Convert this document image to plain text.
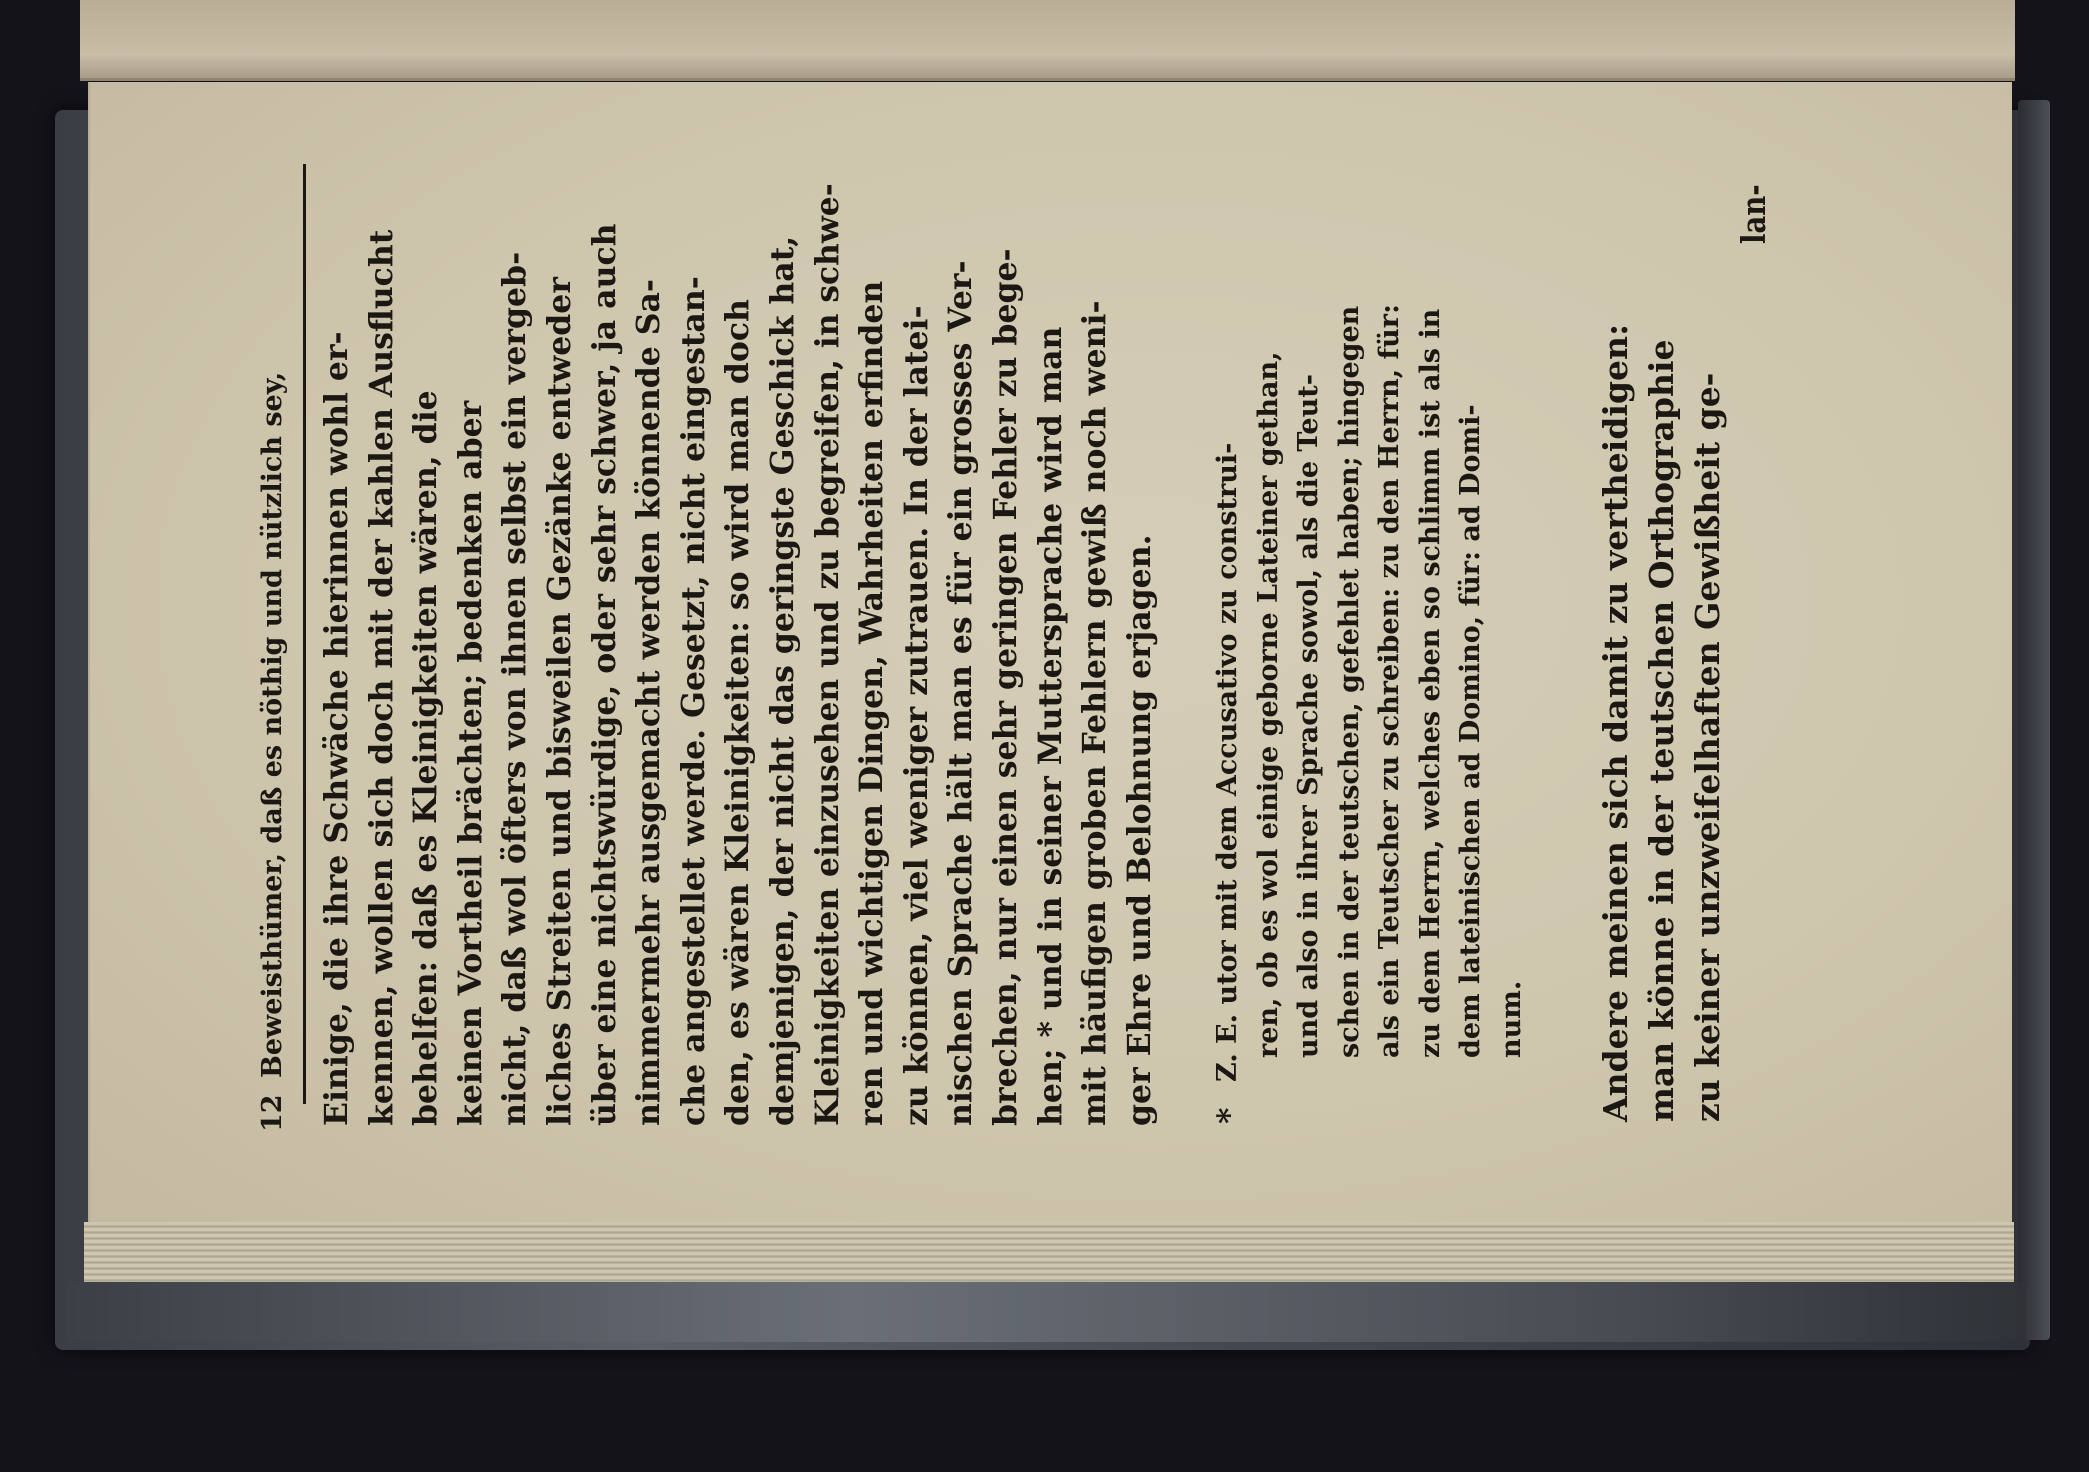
12
Beweisthümer, daß es nöthig und nützlich sey, Einige, die ihre Schwäche hierinnen wohl er- kennen, wollen sich doch mit der kahlen Ausflucht behelfen: daß es Kleinigkeiten wären, die keinen Vortheil brächten; bedenken aber nicht, daß wol öfters von ihnen selbst ein vergeb- liches Streiten und bisweilen Gezänke entweder über eine nichtswürdige, oder sehr schwer, ja auch nimmermehr ausgemacht werden könnende Sa- che angestellet werde. Gesetzt, nicht eingestan- den, es wären Kleinigkeiten: so wird man doch demjenigen, der nicht das geringste Geschick hat, Kleinigkeiten einzusehen und zu begreifen, in schwe- ren und wichtigen Dingen, Wahrheiten erfinden zu können, viel weniger zutrauen. In der latei- nischen Sprache hält man es für ein grosses Ver- brechen, nur einen sehr geringen Fehler zu bege- hen; * und in seiner Muttersprache wird man mit häufigen groben Fehlern gewiß noch weni- ger Ehre und Belohnung erjagen. *
Z. E. utor mit dem Accusativo zu construi- ren, ob es wol einige geborne Lateiner gethan, und also in ihrer Sprache sowol, als die Teut- schen in der teutschen, gefehlet haben; hingegen als ein Teutscher zu schreiben: zu den Herrn, für: zu dem Herrn, welches eben so schlimm ist als in dem lateinischen ad Domino, für: ad Domi- num. Andere meinen sich damit zu vertheidigen: man könne in der teutschen Orthographie zu keiner unzweifelhaften Gewißheit ge-
lan-
